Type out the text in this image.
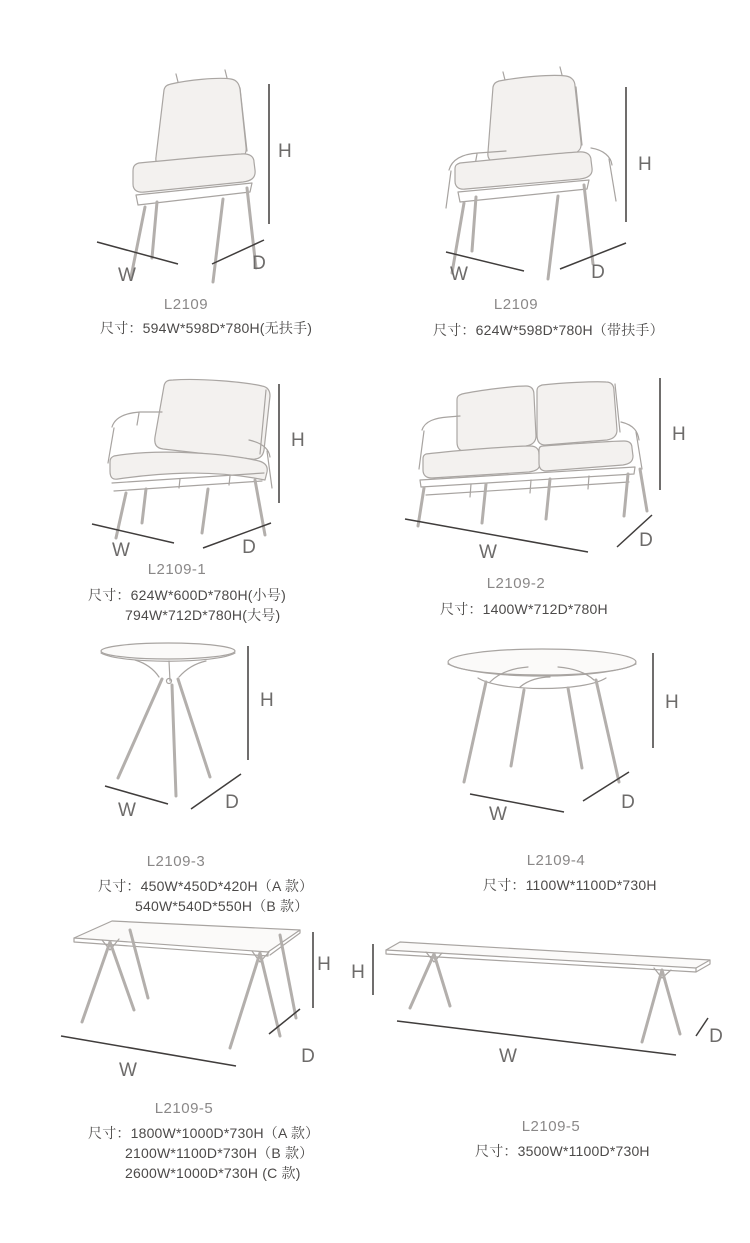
H
W
D
L2109
尺寸：594W*598D*780H(无扶手)
H
W	D
L2109
尺寸：624W*598D*780H（带扶手）
H
W	D
L2109-1
尺寸：624W*600D*780H(小号)
794W*712D*780H(大号)
H
W
D
L2109-2
尺寸：1400W*712D*780H
H
W	D
L2109-3
尺寸：450W*450D*420H（A 款）
540W*540D*550H（B 款）
H
W
D
L2109-4
尺寸：1100W*1100D*730H
H
W
D
L2109-5
尺寸：1800W*1000D*730H（A 款）
2100W*1100D*730H（B 款）
2600W*1000D*730H (C 款)
H
W
D
L2109-5
尺寸：3500W*1100D*730H
